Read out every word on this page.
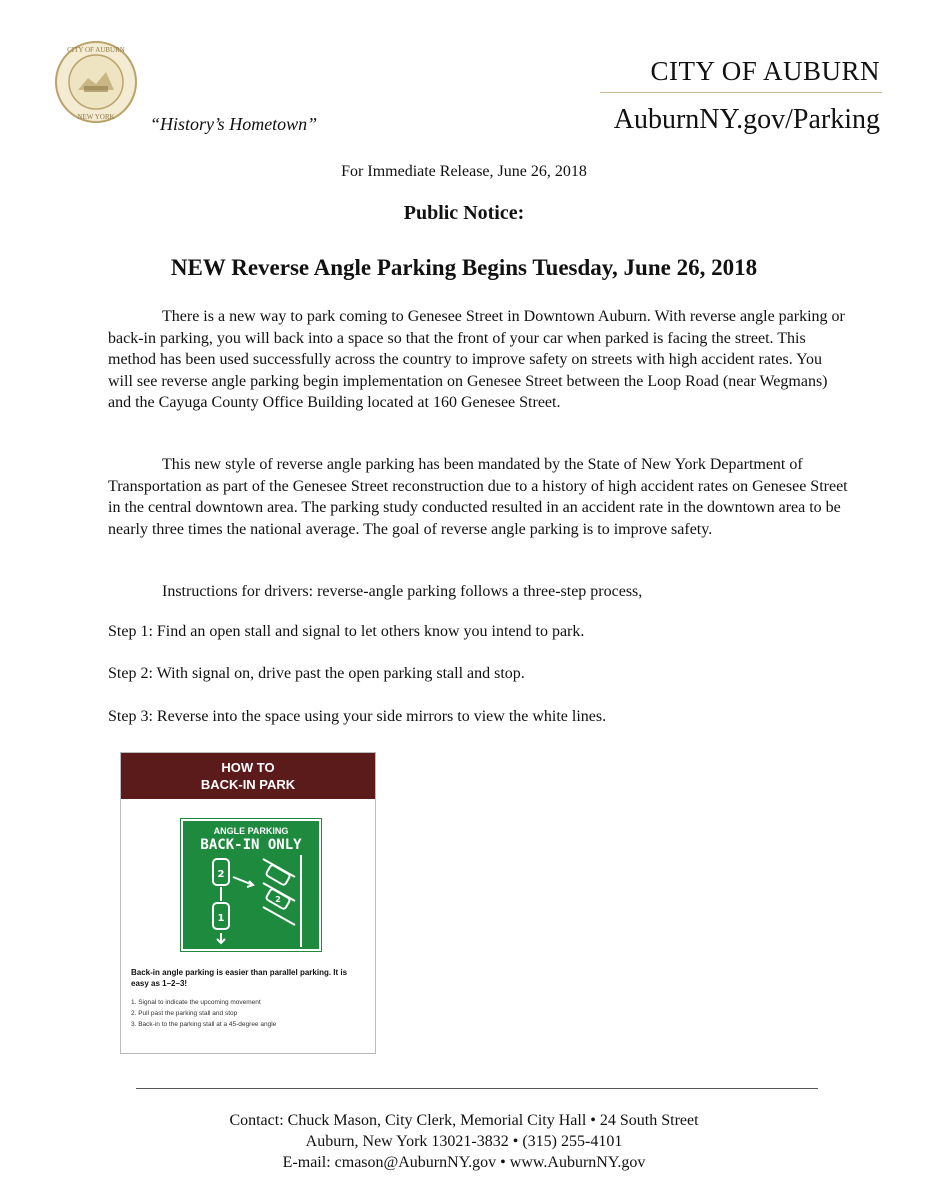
CITY OF AUBURN
NEW YORK “History’s Hometown”
CITY OF AUBURN
AuburnNY.gov/Parking
For Immediate Release, June 26, 2018
Public Notice:
NEW Reverse Angle Parking Begins Tuesday, June 26, 2018

There is a new way to park coming to Genesee Street in Downtown Auburn. With reverse angle parking or back-in parking, you will back into a space so that the front of your car when parked is facing the street. This method has been used successfully across the country to improve safety on streets with high accident rates. You will see reverse angle parking begin implementation on Genesee Street between the Loop Road (near Wegmans) and the Cayuga County Office Building located at 160 Genesee Street.

This new style of reverse angle parking has been mandated by the State of New York Department of Transportation as part of the Genesee Street reconstruction due to a history of high accident rates on Genesee Street in the central downtown area. The parking study conducted resulted in an accident rate in the downtown area to be nearly three times the national average. The goal of reverse angle parking is to improve safety.

Instructions for drivers: reverse-angle parking follows a three-step process,

Step 1: Find an open stall and signal to let others know you intend to park.

Step 2: With signal on, drive past the open parking stall and stop.

Step 3: Reverse into the space using your side mirrors to view the white lines.

HOW TO
BACK-IN PARK
ANGLE PARKING
BACK-IN ONLY
2
1
2
Back-in angle parking is easier than parallel parking. It is easy as 1–2–3!
1. Signal to indicate the upcoming movement
2. Pull past the parking stall and stop
3. Back-in to the parking stall at a 45-degree angle
Contact: Chuck Mason, City Clerk, Memorial City Hall • 24 South Street
Auburn, New York 13021-3832 • (315) 255-4101
E-mail: cmason@AuburnNY.gov • www.AuburnNY.gov
